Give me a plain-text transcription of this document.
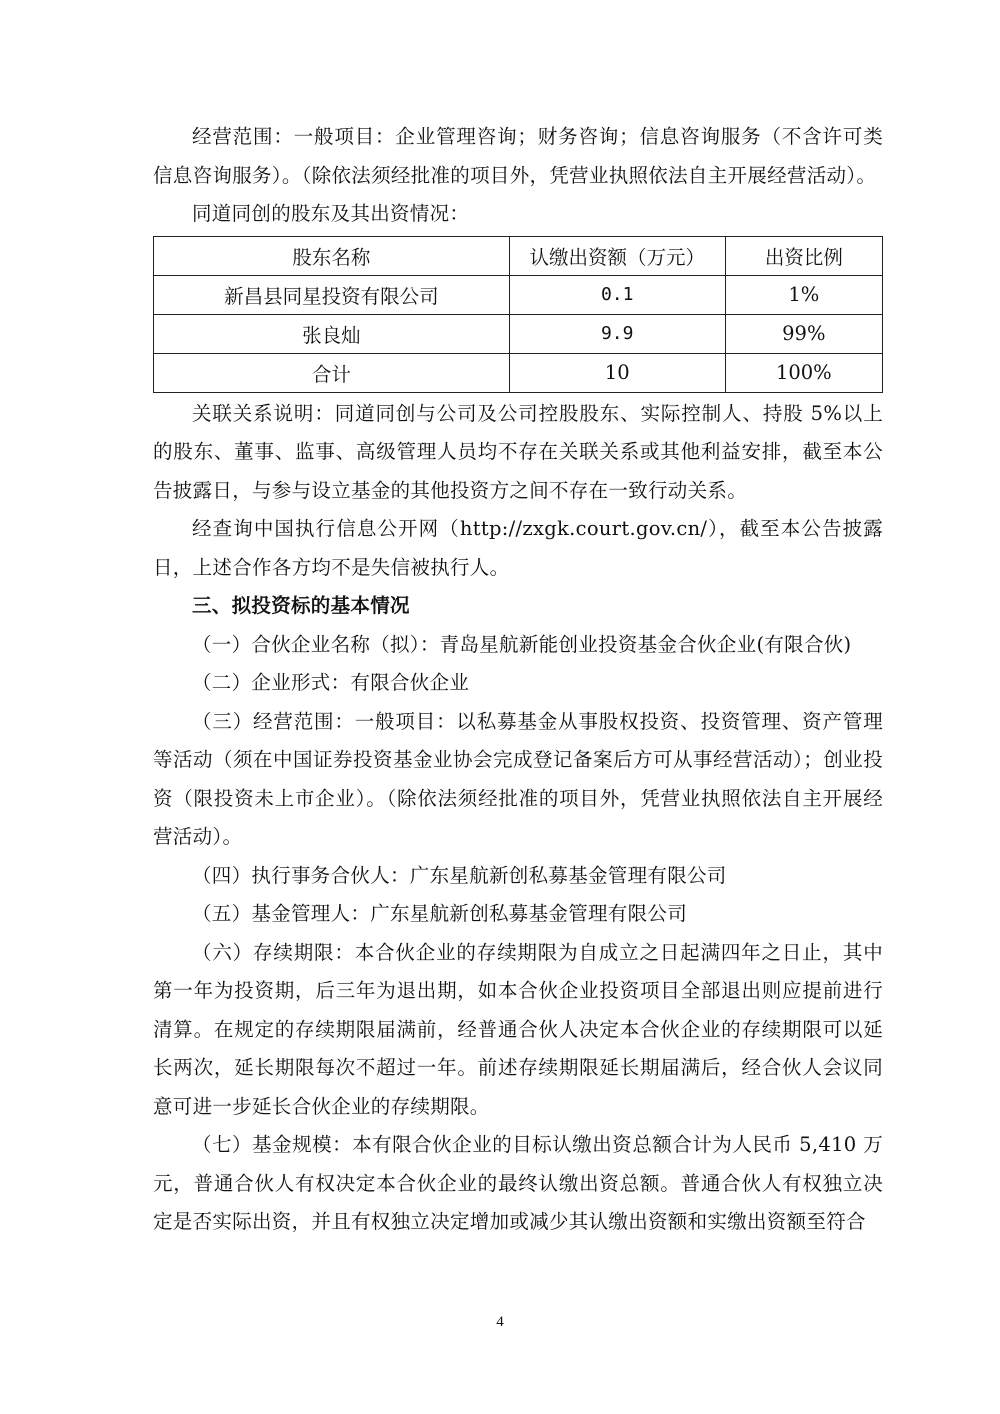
经营范围：一般项目：企业管理咨询；财务咨询；信息咨询服务（不含许可类信息咨询服务）。（除依法须经批准的项目外，凭营业执照依法自主开展经营活动）。

同道同创的股东及其出资情况：

股东名称	认缴出资额（万元）	出资比例
新昌县同星投资有限公司	0.1	1%
张良灿	9.9	99%
合计	10	100%

关联关系说明：同道同创与公司及公司控股股东、实际控制人、持股 5%以上的股东、董事、监事、高级管理人员均不存在关联关系或其他利益安排，截至本公告披露日，与参与设立基金的其他投资方之间不存在一致行动关系。

经查询中国执行信息公开网（http://zxgk.court.gov.cn/），截至本公告披露日，上述合作各方均不是失信被执行人。

三、拟投资标的基本情况

（一）合伙企业名称（拟）：青岛星航新能创业投资基金合伙企业(有限合伙)

（二）企业形式：有限合伙企业

（三）经营范围：一般项目：以私募基金从事股权投资、投资管理、资产管理等活动（须在中国证券投资基金业协会完成登记备案后方可从事经营活动）；创业投资（限投资未上市企业）。（除依法须经批准的项目外，凭营业执照依法自主开展经营活动）。

（四）执行事务合伙人：广东星航新创私募基金管理有限公司

（五）基金管理人：广东星航新创私募基金管理有限公司

（六）存续期限：本合伙企业的存续期限为自成立之日起满四年之日止，其中第一年为投资期，后三年为退出期，如本合伙企业投资项目全部退出则应提前进行清算。在规定的存续期限届满前，经普通合伙人决定本合伙企业的存续期限可以延长两次，延长期限每次不超过一年。前述存续期限延长期届满后，经合伙人会议同意可进一步延长合伙企业的存续期限。

（七）基金规模：本有限合伙企业的目标认缴出资总额合计为人民币 5,410 万元，普通合伙人有权决定本合伙企业的最终认缴出资总额。普通合伙人有权独立决定是否实际出资，并且有权独立决定增加或减少其认缴出资额和实缴出资额至符合

4
